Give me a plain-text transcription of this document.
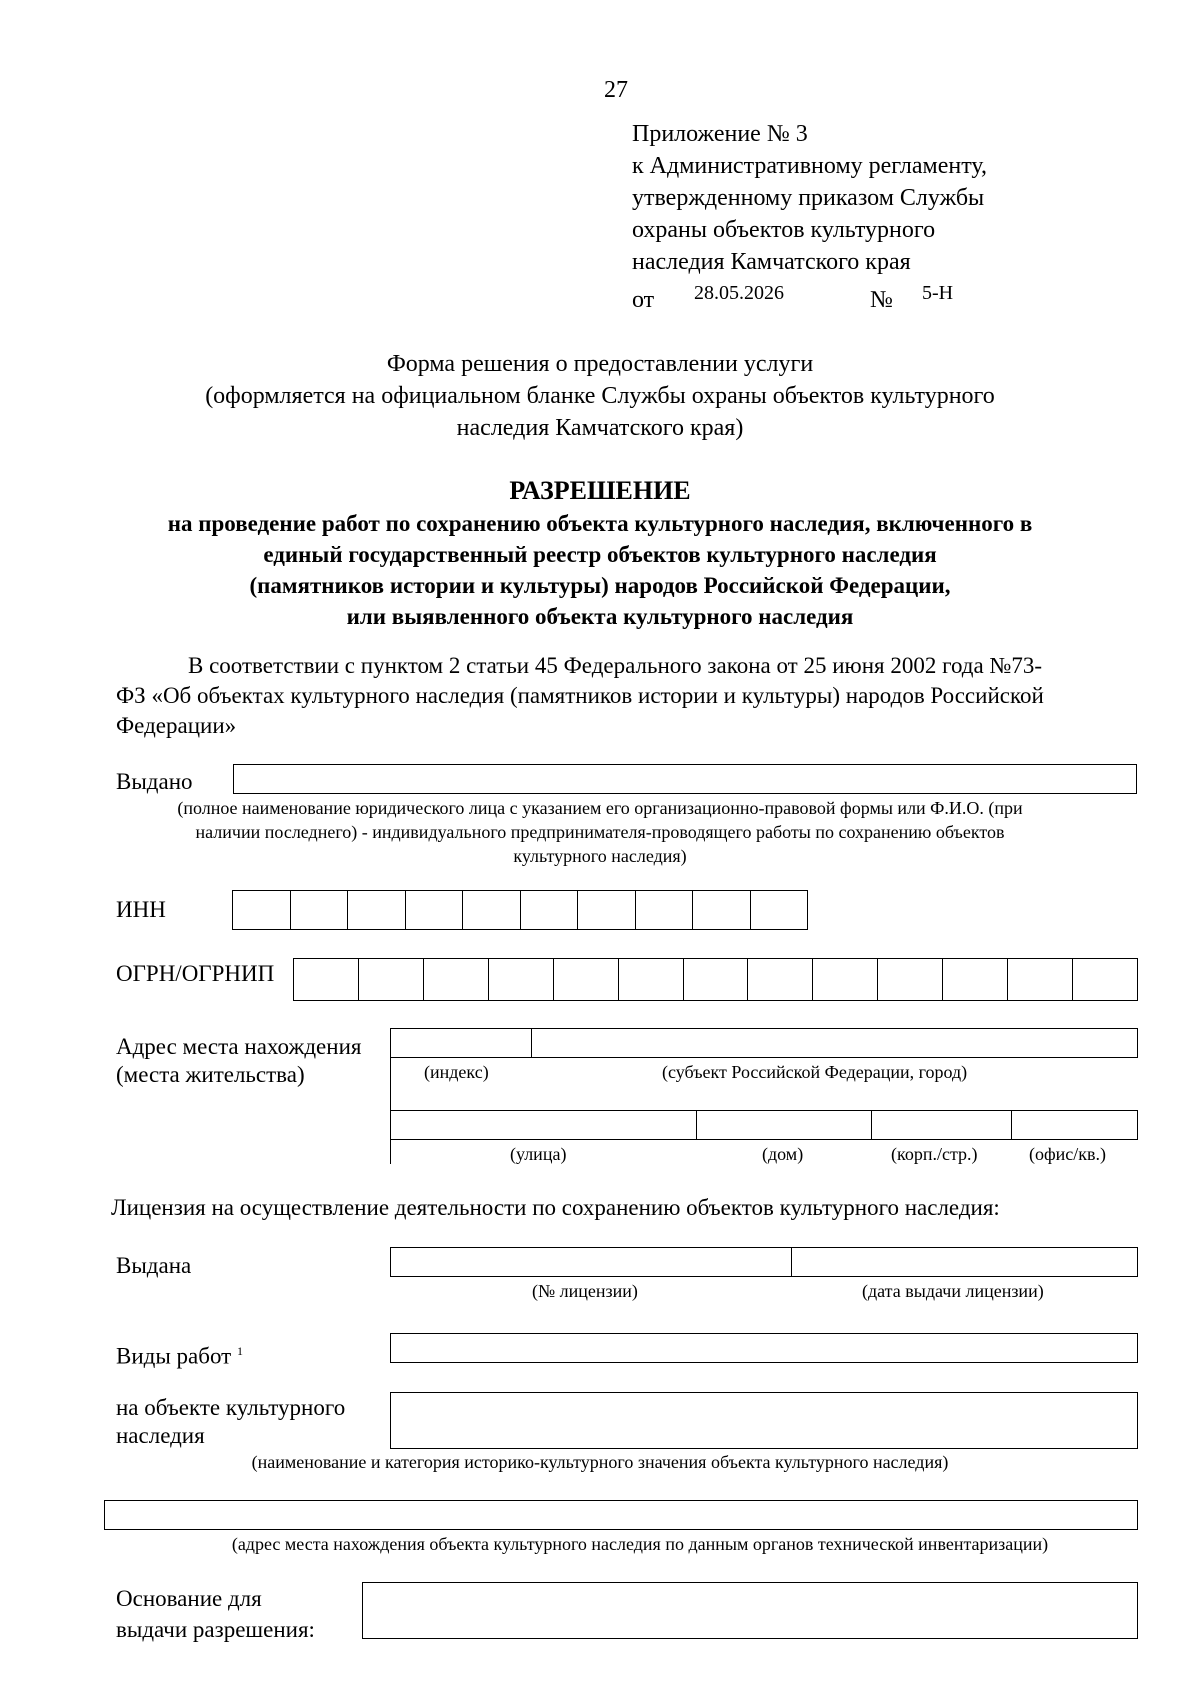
27
Приложение № 3
к Административному регламенту,
утвержденному приказом Службы
охраны объектов культурного
наследия Камчатского края
от 28.05.2026	№ 5-Н
Форма решения о предоставлении услуги
(оформляется на официальном бланке Службы охраны объектов культурного
наследия Камчатского края)
РАЗРЕШЕНИЕ
на проведение работ по сохранению объекта культурного наследия, включенного в
единый государственный реестр объектов культурного наследия
(памятников истории и культуры) народов Российской Федерации,
или выявленного объекта культурного наследия
В соответствии с пунктом 2 статьи 45 Федерального закона от 25 июня 2002 года №73-
ФЗ «Об объектах культурного наследия (памятников истории и культуры) народов Российской
Федерации»
Выдано
(полное наименование юридического лица с указанием его организационно-правовой формы или Ф.И.О. (при
наличии последнего) - индивидуального предпринимателя-проводящего работы по сохранению объектов
культурного наследия)
ИНН
ОГРН/ОГРНИП
Адрес места нахождения
(места жительства)	(индекс)	(субъект Российской Федерации, город)
(улица)	(дом)	(корп./стр.)	(офис/кв.)
Лицензия на осуществление деятельности по сохранению объектов культурного наследия:
Выдана
(№ лицензии)	(дата выдачи лицензии)
Виды работ $^1$
на объекте культурного
наследия
(наименование и категория историко-культурного значения объекта культурного наследия)
(адрес места нахождения объекта культурного наследия по данным органов технической инвентаризации)
Основание для
выдачи разрешения:
